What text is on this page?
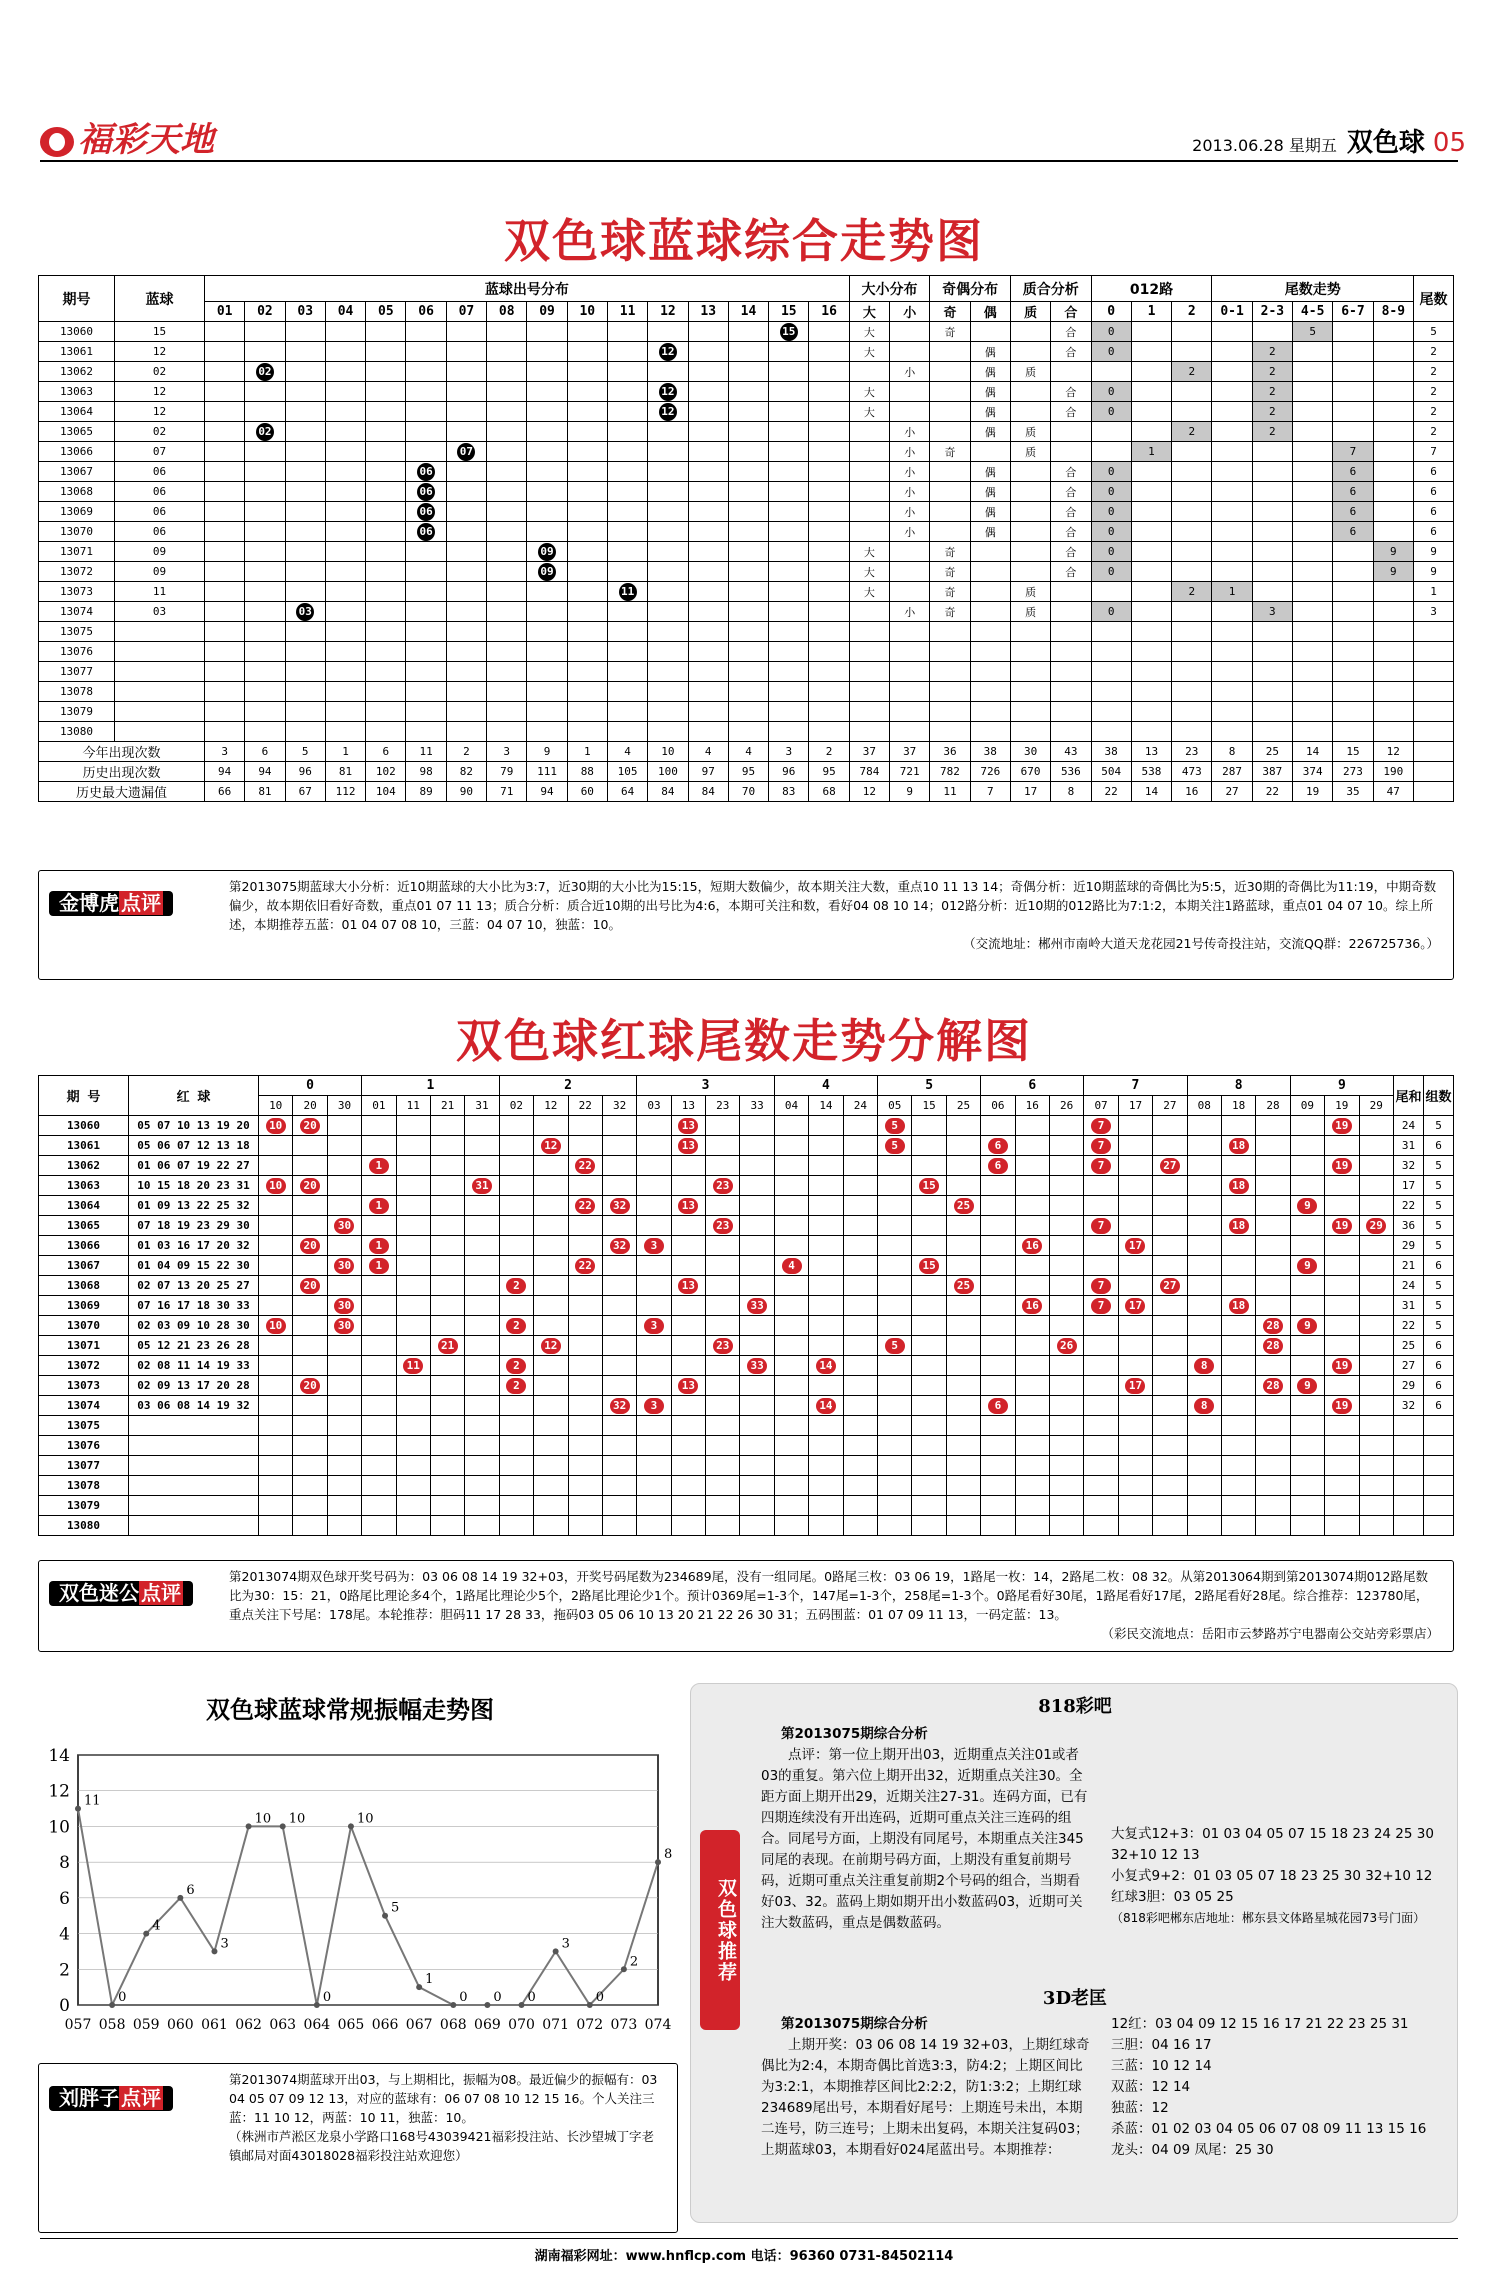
福彩天地	2013.06.28 星期五 双色球 05
双色球蓝球综合走势图
期号	蓝球	蓝球出号分布																大小分布		奇偶分布		质合分析		012路			尾数走势					尾数
		01	02	03	04	05	06	07	08	09	10	11	12	13	14	15	16	大	小	奇	偶	质	合	0	1	2	0-1	2-3	4-5	6-7	8-9	
13060	15															15		大		奇			合	0					5			5
13061	12												12					大			偶		合	0				2				2
13062	02		02																小		偶	质				2		2				2
13063	12												12					大			偶		合	0				2				2
13064	12												12					大			偶		合	0				2				2
13065	02		02																小		偶	质				2		2				2
13066	07							07											小	奇		质			1					7		7
13067	06						06												小		偶		合	0						6		6
13068	06						06												小		偶		合	0						6		6
13069	06						06												小		偶		合	0						6		6
13070	06						06												小		偶		合	0						6		6
13071	09									09								大		奇			合	0							9	9
13072	09									09								大		奇			合	0							9	9
13073	11											11						大		奇		质				2	1					1
13074	03			03															小	奇		质		0				3				3
13075																																
13076																																
13077																																
13078																																
13079																																
13080																																
今年出现次数		3	6	5	1	6	11	2	3	9	1	4	10	4	4	3	2	37	37	36	38	30	43	38	13	23	8	25	14	15	12	
历史出现次数		94	94	96	81	102	98	82	79	111	88	105	100	97	95	96	95	784	721	782	726	670	536	504	538	473	287	387	374	273	190	
历史最大遗漏值		66	81	67	112	104	89	90	71	94	60	64	84	84	70	83	68	12	9	11	7	17	8	22	14	16	27	22	19	35	47	
金博虎 点评
第2013075期蓝球大小分析：近10期蓝球的大小比为3:7，近30期的大小比为15:15，短期大数偏少，故本期关注大数，重点10 11 13 14；奇偶分析：近10期蓝球的奇偶比为5:5，近30期的奇偶比为11:19，中期奇数偏少，故本期依旧看好奇数，重点01 07 11 13；质合分析：质合近10期的出号比为4:6，本期可关注和数，看好04 08 10 14；012路分析：近10期的012路比为7:1:2，本期关注1路蓝球，重点01 04 07 10。综上所述，本期推荐五蓝：01 04 07 08 10，三蓝：04 07 10，独蓝：10。
（交流地址：郴州市南岭大道天龙花园21号传奇投注站，交流QQ群：226725736。）
双色球红球尾数走势分解图
期 号	红 球	0			1				2				3				4			5			6			7			8			9			尾和	组数
		10	20	30	01	11	21	31	02	12	22	32	03	13	23	33	04	14	24	05	15	25	06	16	26	07	17	27	08	18	28	09	19	29		
13060	05 07 10 13 19 20	10	20											13						5						7							19		24	5
13061	05 06 07 12 13 18									12				13						5			6			7				18					31	6
13062	01 06 07 19 22 27				1						22												6			7		27					19		32	5
13063	10 15 18 20 23 31	10	20					31							23						15									18					17	5
13064	01 09 13 22 25 32				1						22	32		13								25										9			22	5
13065	07 18 19 23 29 30			30											23											7				18			19	29	36	5
13066	01 03 16 17 20 32		20		1							32	3											16			17								29	5
13067	01 04 09 15 22 30			30	1						22						4				15											9			21	6
13068	02 07 13 20 25 27		20						2					13								25				7		27							24	5
13069	07 16 17 18 30 33			30												33								16		7	17			18					31	5
13070	02 03 09 10 28 30	10		30					2				3																		28	9			22	5
13071	05 12 21 23 26 28						21			12					23					5					26						28				25	6
13072	02 08 11 14 19 33					11			2							33		14											8				19		27	6
13073	02 09 13 17 20 28		20						2					13													17				28	9			29	6
13074	03 06 08 14 19 32											32	3					14					6						8				19		32	6
13075																																				
13076																																				
13077																																				
13078																																				
13079																																				
13080																																				
双色迷公 点评
第2013074期双色球开奖号码为：03 06 08 14 19 32+03，开奖号码尾数为234689尾，没有一组同尾。0路尾三枚：03 06 19，1路尾一枚：14，2路尾二枚：08 32。从第2013064期到第2013074期012路尾数比为30：15：21，0路尾比理论多4个，1路尾比理论少5个，2路尾比理论少1个。预计0369尾=1-3个，147尾=1-3个，258尾=1-3个。0路尾看好30尾，1路尾看好17尾，2路尾看好28尾。综合推荐：123780尾，重点关注下号尾：178尾。本轮推荐：胆码11 17 28 33，拖码03 05 06 10 13 20 21 22 26 30 31；五码围蓝：01 07 09 11 13，一码定蓝：13。
（彩民交流地点：岳阳市云梦路苏宁电器南公交站旁彩票店）
双色球蓝球常规振幅走势图
0
2
4
6
8
10
12
14
057 058 059 060 061 062 063 064 065 066 067 068 069 070 071 072 073 074
11
0
4
6
3
10 10
0
10
5
1
0 0 0
3
0
2
8
刘胖子 点评
第2013074期蓝球开出03，与上期相比，振幅为08。最近偏少的振幅有：03 04 05 07 09 12 13，对应的蓝球有：06 07 08 10 12 15 16。个人关注三蓝：11 10 12，两蓝：10 11，独蓝：10。
（株洲市芦淞区龙泉小学路口168号43039421福彩投注站、长沙望城丁字老镇邮局对面43018028福彩投注站欢迎您）
818彩吧
第2013075期综合分析
点评：第一位上期开出03，近期重点关注01或者03的重复。第六位上期开出32，近期重点关注30。全距方面上期开出29，近期关注27-31。连码方面，已有四期连续没有开出连码，近期可重点关注三连码的组合。同尾号方面，上期没有同尾号，本期重点关注345同尾的表现。在前期号码方面，上期没有重复前期号码，近期可重点关注重复前期2个号码的组合，当期看好03、32。蓝码上期如期开出小数蓝码03，近期可关注大数蓝码，重点是偶数蓝码。
大复式12+3：01 03 04 05 07 15 18 23 24 25 30 32+10 12 13
小复式9+2：01 03 05 07 18 23 25 30 32+10 12
红球3胆：03 05 25
（818彩吧郴东店地址：郴东县文体路星城花园73号门面）
3D老匡
第2013075期综合分析
上期开奖：03 06 08 14 19 32+03，上期红球奇偶比为2:4，本期奇偶比首选3:3，防4:2；上期区间比为3:2:1，本期推荐区间比2:2:2，防1:3:2；上期红球234689尾出号，本期看好尾号：上期连号未出，本期二连号，防三连号；上期未出复码，本期关注复码03；上期蓝球03，本期看好024尾蓝出号。本期推荐：
12红：03 04 09 12 15 16 17 21 22 23 25 31
三胆：04 16 17
三蓝：10 12 14
双蓝：12 14
独蓝：12
杀蓝：01 02 03 04 05 06 07 08 09 11 13 15 16
龙头：04 09 凤尾：25 30
双色球推荐
湖南福彩网址：www.hnflcp.com 电话：96360 0731-84502114
